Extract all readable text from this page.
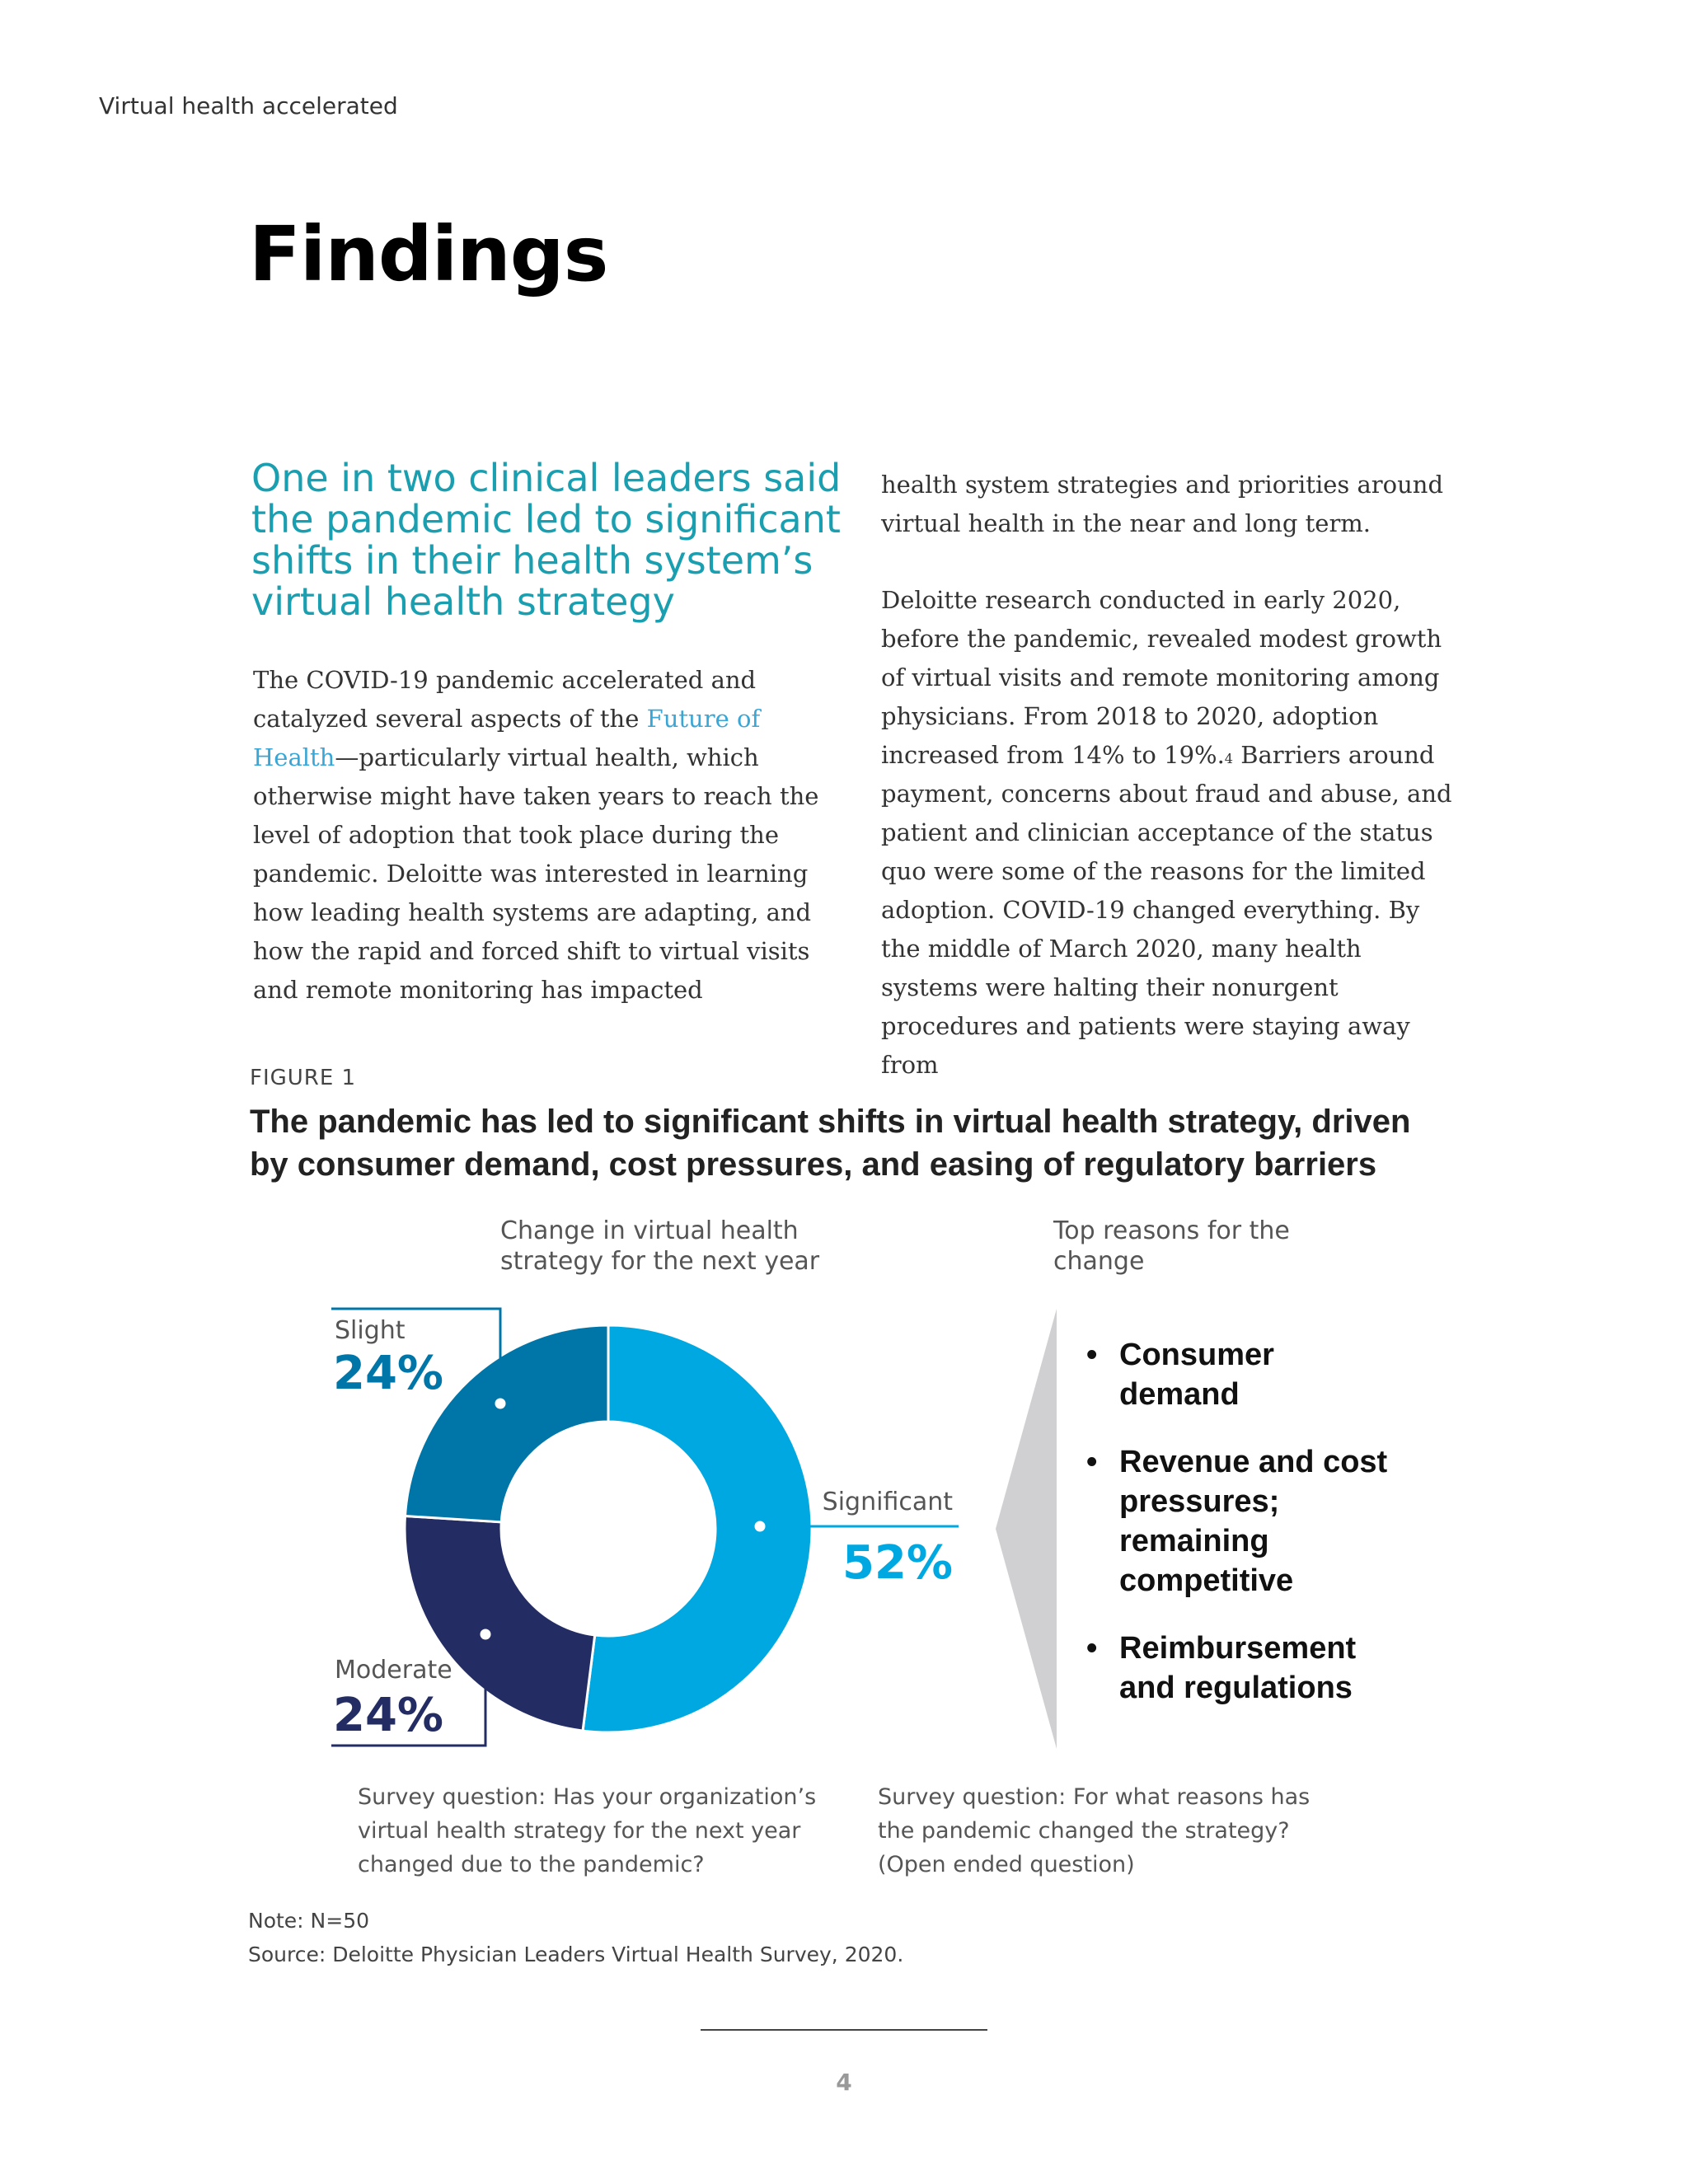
Virtual health accelerated
Findings
One in two clinical leaders said the pandemic led to significant shifts in their health system’s virtual health strategy
The COVID-19 pandemic accelerated and catalyzed several aspects of the Future of Health—particularly virtual health, which otherwise might have taken years to reach the level of adoption that took place during the pandemic. Deloitte was interested in learning how leading health systems are adapting, and how the rapid and forced shift to virtual visits and remote monitoring has impacted

health system strategies and priorities around virtual health in the near and long term.

Deloitte research conducted in early 2020, before the pandemic, revealed modest growth of virtual visits and remote monitoring among physicians. From 2018 to 2020, adoption increased from 14% to 19%.$^4$ Barriers around payment, concerns about fraud and abuse, and patient and clinician acceptance of the status quo were some of the reasons for the limited adoption. COVID-19 changed everything. By the middle of March 2020, many health systems were halting their nonurgent procedures and patients were staying away from

FIGURE 1
The pandemic has led to significant shifts in virtual health strategy, driven by consumer demand, cost pressures, and easing of regulatory barriers
Change in virtual health strategy for the next year
Top reasons for the change
Significant
52%
Slight
24%
Moderate
24%
• Consumer demand
• Revenue and cost pressures; remaining competitive
• Reimbursement and regulations
Survey question: Has your organization’s virtual health strategy for the next year changed due to the pandemic?
Survey question: For what reasons has the pandemic changed the strategy? (Open ended question)
Note: N=50
Source: Deloitte Physician Leaders Virtual Health Survey, 2020.
4
